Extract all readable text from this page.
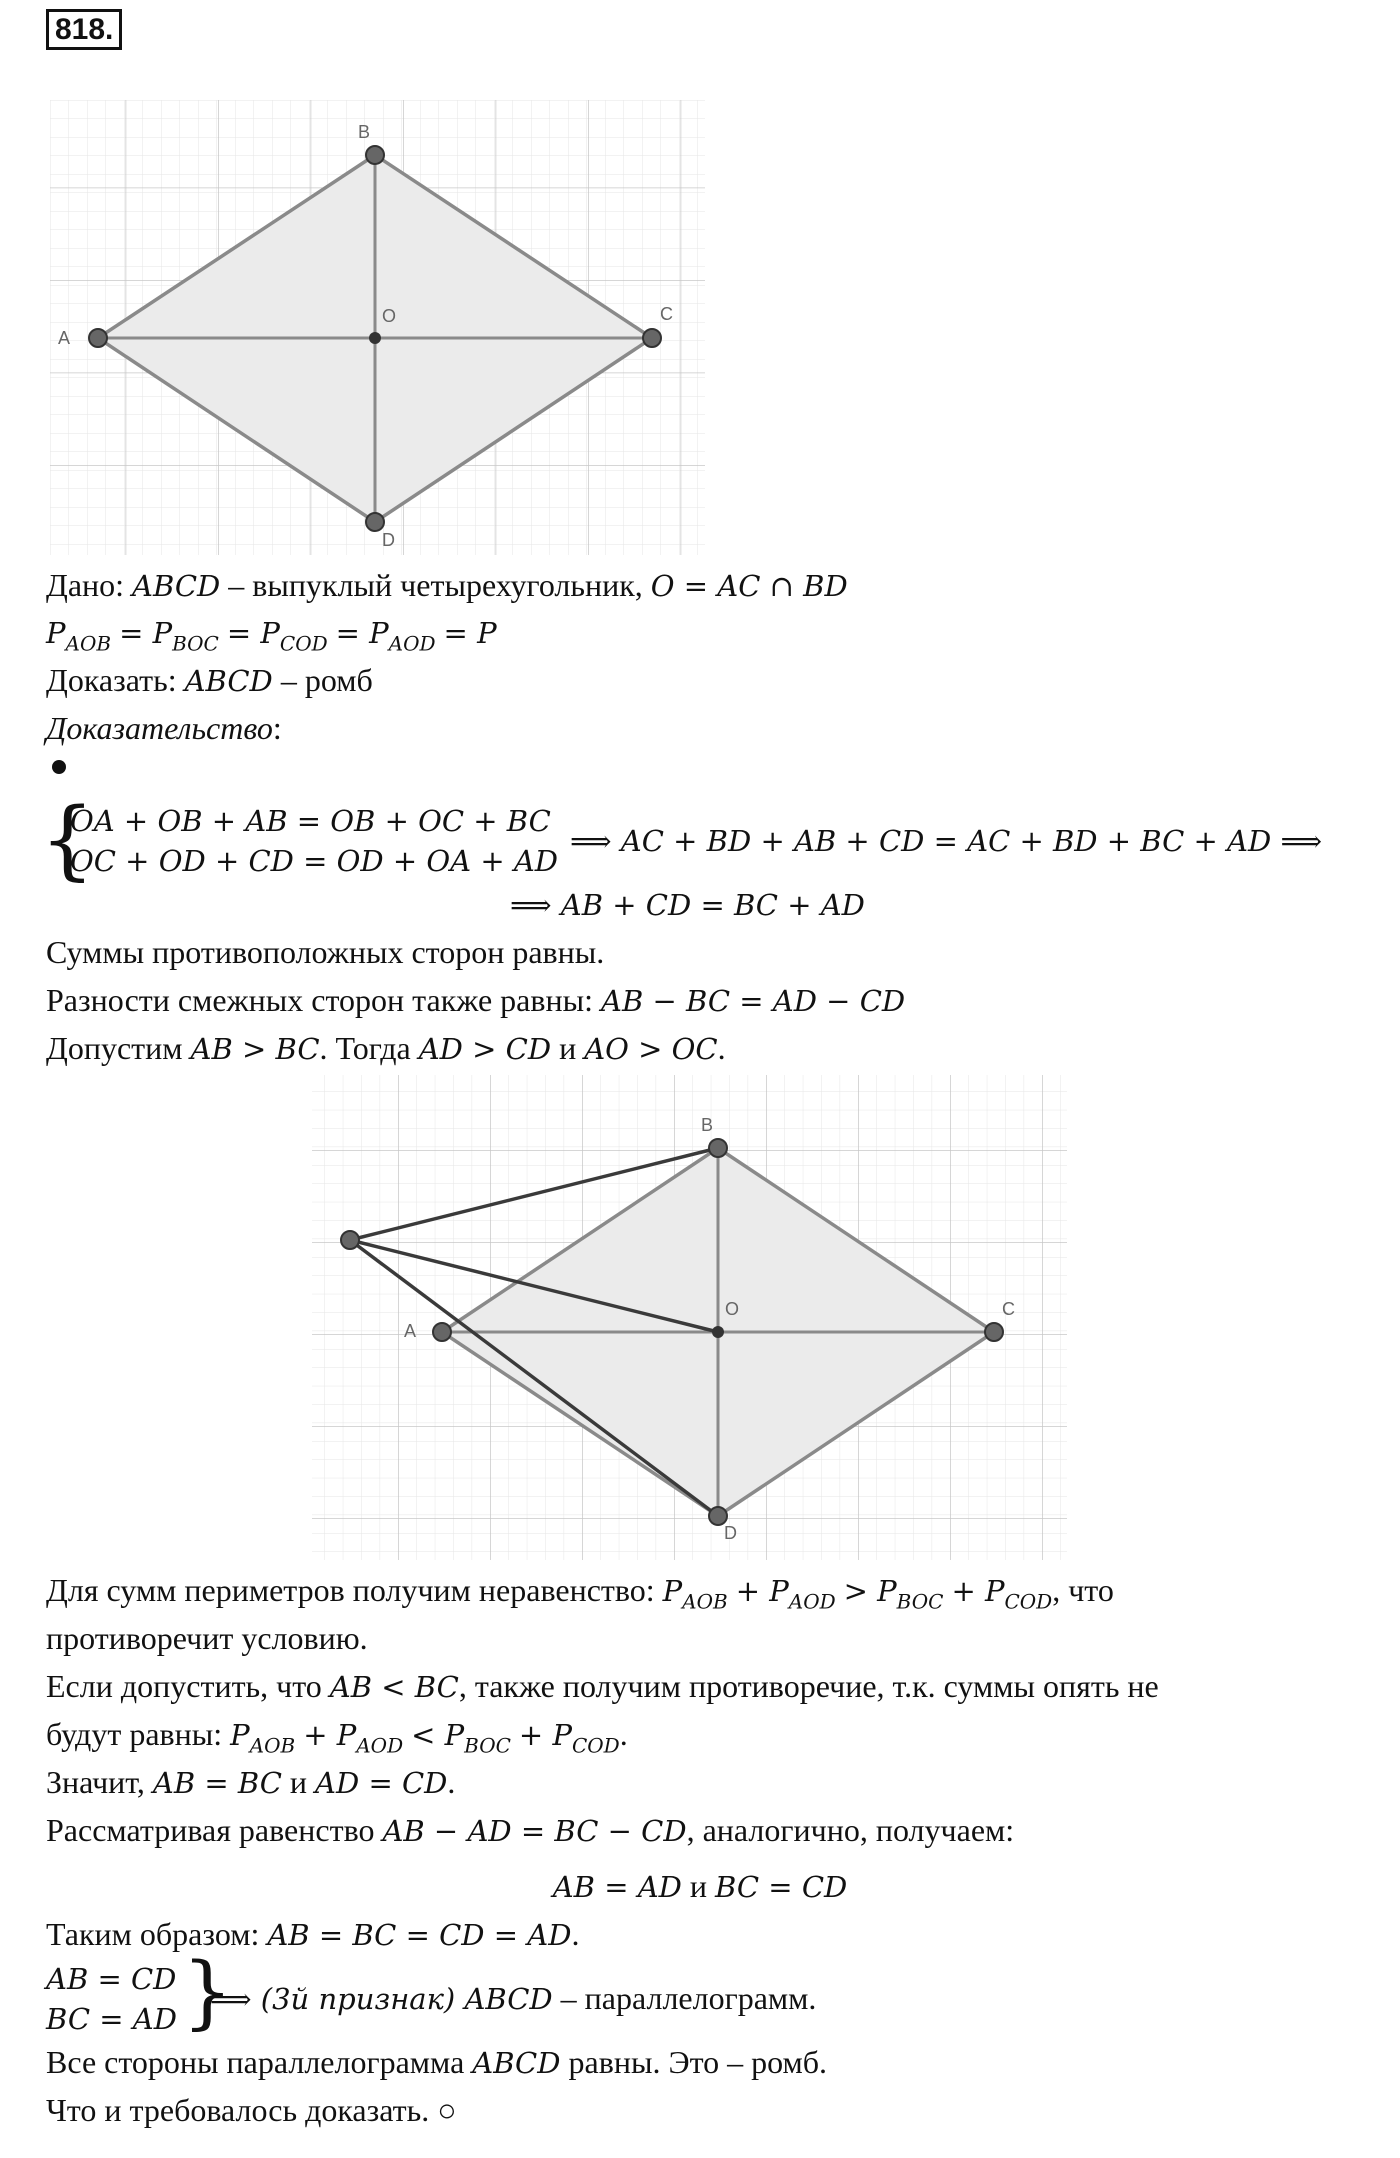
818.
A
B
C
D
O
Дано: ABCD – выпуклый четырехугольник, O = AC ∩ BD
$P_{AOB} = P_{BOC} = P_{COD} = P_{AOD} = P$
Доказать: ABCD – ромб
Доказательство:
{
OA + OB + AB = OB + OC + BC
OC + OD + CD = OD + OA + AD
⟹ AC + BD + AB + CD = AC + BD + BC + AD ⟹
⟹ AB + CD = BC + AD
Суммы противоположных сторон равны.
Разности смежных сторон также равны: AB − BC = AD − CD
Допустим AB > BC. Тогда AD > CD и AO > OC.
A
B
C
D
O
Для сумм периметров получим неравенство: $P_{AOB} + P_{AOD} > P_{BOC} + P_{COD}$, что
противоречит условию.
Если допустить, что AB < BC, также получим противоречие, т.к. суммы опять не
будут равны: $P_{AOB} + P_{AOD} < P_{BOC} + P_{COD}$.
Значит, AB = BC и AD = CD.
Рассматривая равенство AB − AD = BC − CD, аналогично, получаем:
AB = AD и BC = CD
Таким образом: AB = BC = CD = AD.
AB = CD
BC = AD }
⟹ (3й признак) ABCD – параллелограмм.
Все стороны параллелограмма ABCD равны. Это – ромб.
Что и требовалось доказать. ○
